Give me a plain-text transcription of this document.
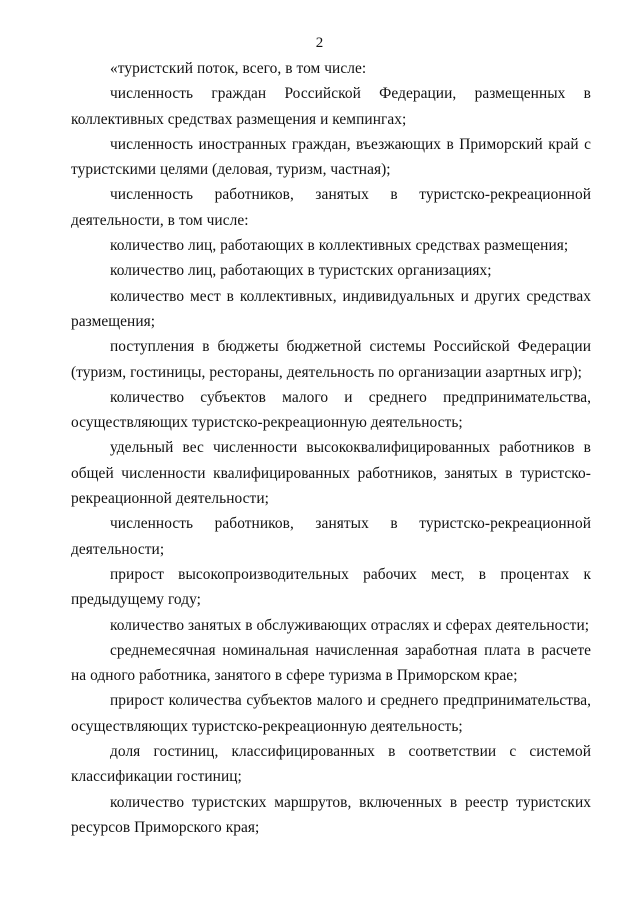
2

«туристский поток, всего, в том числе:

численность граждан Российской Федерации, размещенных в коллективных средствах размещения и кемпингах;

численность иностранных граждан, въезжающих в Приморский край с туристскими целями (деловая, туризм, частная);

численность работников, занятых в туристско-рекреационной деятельности, в том числе:

количество лиц, работающих в коллективных средствах размещения;

количество лиц, работающих в туристских организациях;

количество мест в коллективных, индивидуальных и других средствах размещения;

поступления в бюджеты бюджетной системы Российской Федерации (туризм, гостиницы, рестораны, деятельность по организации азартных игр);

количество субъектов малого и среднего предпринимательства, осуществляющих туристско-рекреационную деятельность;

удельный вес численности высококвалифицированных работников в общей численности квалифицированных работников, занятых в туристско-рекреационной деятельности;

численность работников, занятых в туристско-рекреационной деятельности;

прирост высокопроизводительных рабочих мест, в процентах к предыдущему году;

количество занятых в обслуживающих отраслях и сферах деятельности;

среднемесячная номинальная начисленная заработная плата в расчете на одного работника, занятого в сфере туризма в Приморском крае;

прирост количества субъектов малого и среднего предпринимательства, осуществляющих туристско-рекреационную деятельность;

доля гостиниц, классифицированных в соответствии с системой классификации гостиниц;

количество туристских маршрутов, включенных в реестр туристских ресурсов Приморского края;
